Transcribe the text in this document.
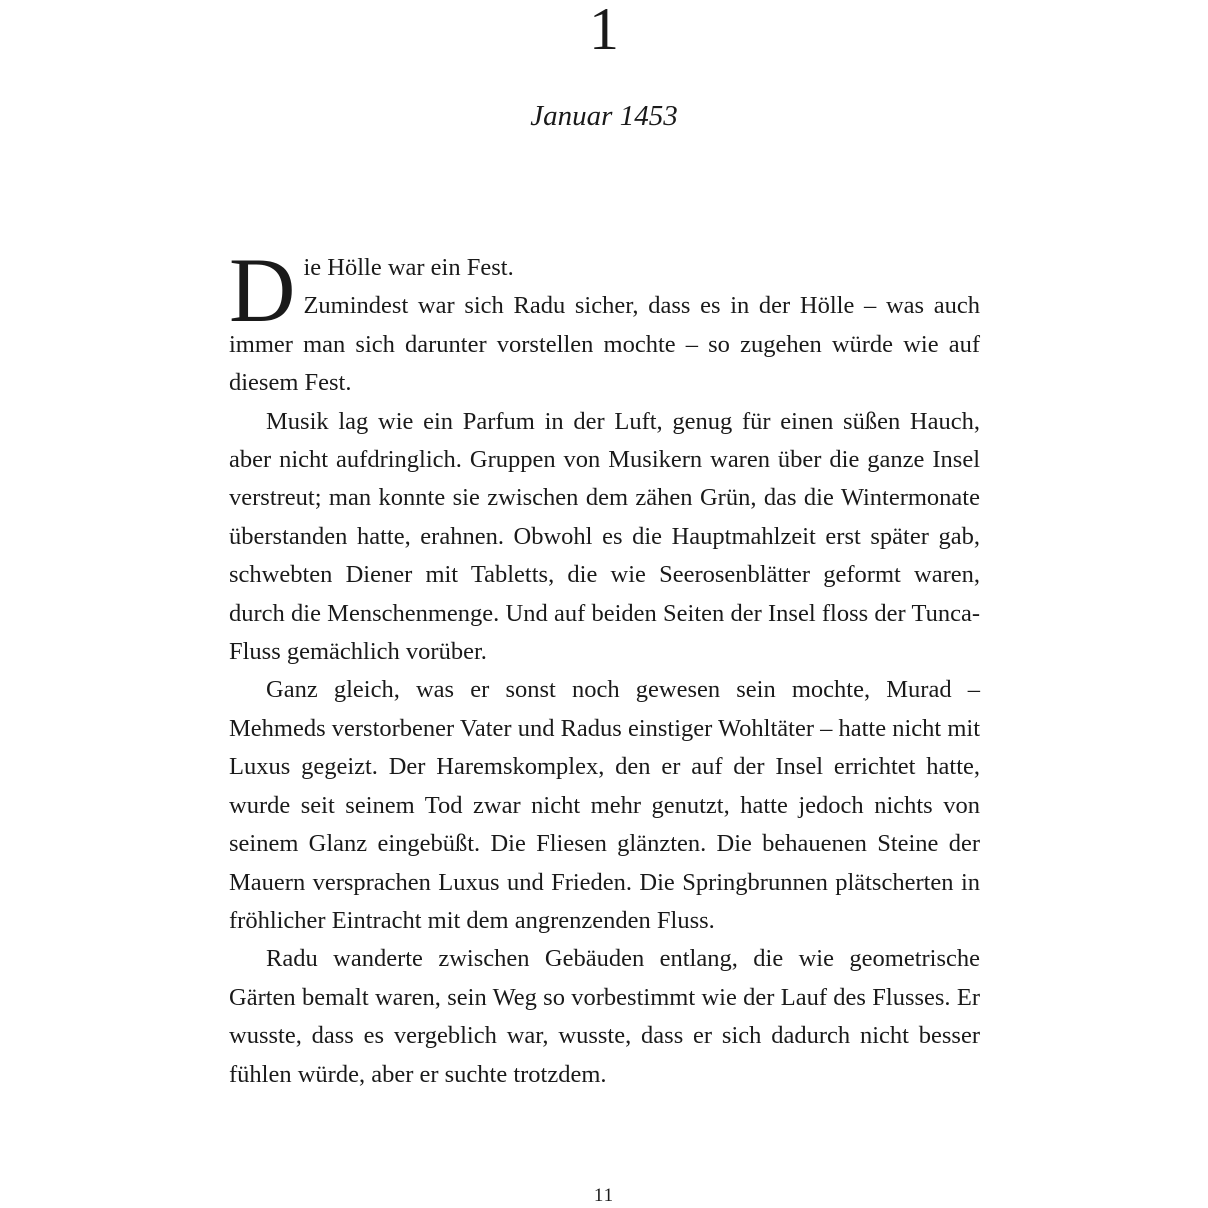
1
Januar 1453

D ie Hölle war ein Fest.
Zumindest war sich Radu sicher, dass es in der Hölle – was auch immer man sich darunter vorstellen mochte – so zugehen würde wie auf diesem Fest.

Musik lag wie ein Parfum in der Luft, genug für einen süßen Hauch, aber nicht aufdringlich. Gruppen von Musikern waren über die ganze Insel verstreut; man konnte sie zwischen dem zähen Grün, das die Wintermonate überstanden hatte, erahnen. Obwohl es die Hauptmahlzeit erst später gab, schwebten Diener mit Tabletts, die wie Seerosenblätter geformt waren, durch die Menschenmenge. Und auf beiden Seiten der Insel floss der Tunca-Fluss gemächlich vorüber.

Ganz gleich, was er sonst noch gewesen sein mochte, Murad – Mehmeds verstorbener Vater und Radus einstiger Wohltäter – hatte nicht mit Luxus gegeizt. Der Haremskomplex, den er auf der Insel errichtet hatte, wurde seit seinem Tod zwar nicht mehr genutzt, hatte jedoch nichts von seinem Glanz eingebüßt. Die Fliesen glänzten. Die behauenen Steine der Mauern versprachen Luxus und Frieden. Die Springbrunnen plätscherten in fröhlicher Eintracht mit dem angrenzenden Fluss.

Radu wanderte zwischen Gebäuden entlang, die wie geometrische Gärten bemalt waren, sein Weg so vorbestimmt wie der Lauf des Flusses. Er wusste, dass es vergeblich war, wusste, dass er sich dadurch nicht besser fühlen würde, aber er suchte trotzdem.

11
